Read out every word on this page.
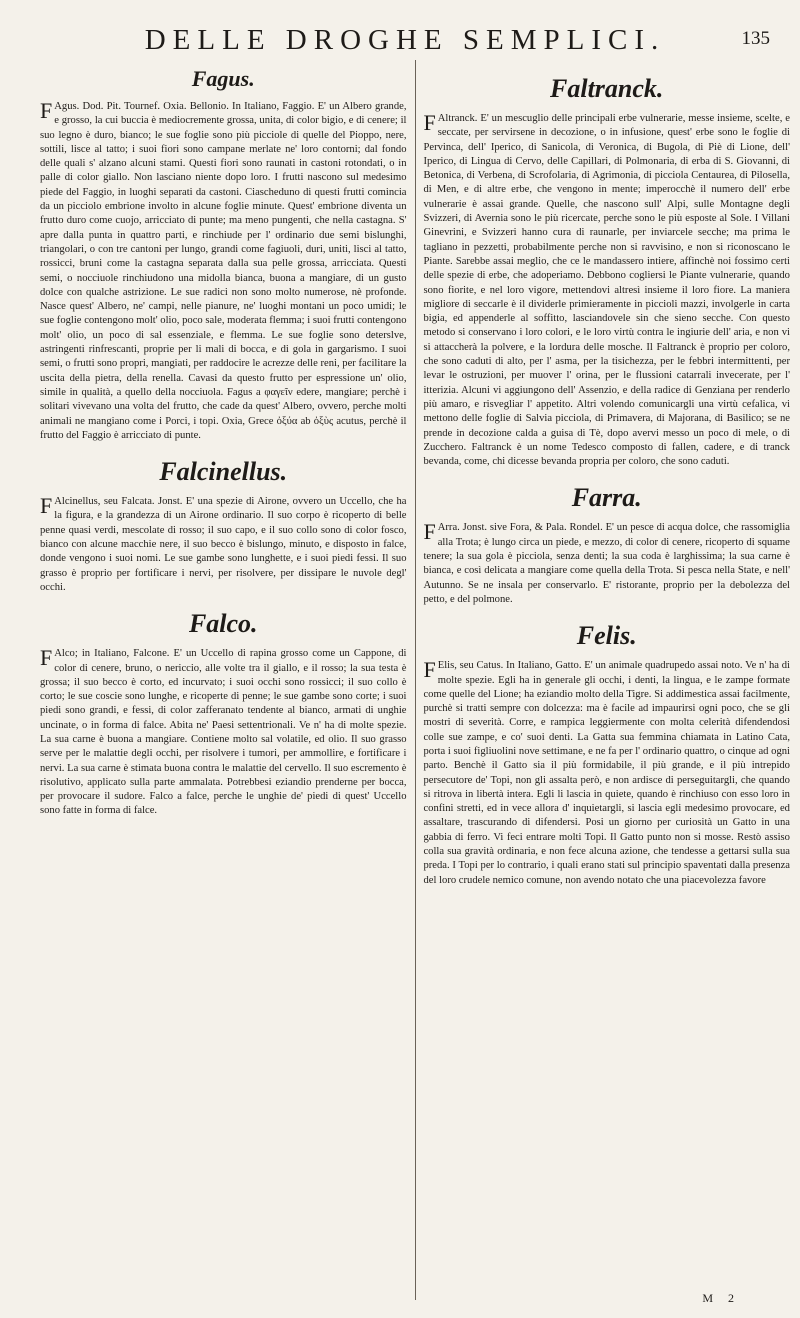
DELLE DROGHE SEMPLICI.	135
Fagus.

FAgus. Dod. Pit. Tournef. Oxia. Bellonio. In Italiano, Faggio. E' un Albero grande, e grosso, la cui buccia è mediocremente grossa, unita, di color bigio, e di cenere; il suo legno è duro, bianco; le sue foglie sono più picciole di quelle del Pioppo, nere, sottili, lisce al tatto; i suoi fiori sono campane merlate ne' loro contorni; dal fondo delle quali s' alzano alcuni stami. Questi fiori sono raunati in castoni rotondati, o in palle di color giallo. Non lasciano niente dopo loro. I frutti nascono sul medesimo piede del Faggio, in luoghi separati da castoni. Ciascheduno di questi frutti comincia da un picciolo embrione involto in alcune foglie minute. Quest' embrione diventa un frutto duro come cuojo, arricciato di punte; ma meno pungenti, che nella castagna. S' apre dalla punta in quattro parti, e rinchiude per l' ordinario due semi bislunghi, triangolari, o con tre cantoni per lungo, grandi come fagiuoli, duri, uniti, lisci al tatto, rossicci, bruni come la castagna separata dalla sua pelle grossa, arricciata. Questi semi, o nocciuole rinchiudono una midolla bianca, buona a mangiare, di un gusto dolce con qualche astrizione. Le sue radici non sono molto numerose, nè profonde. Nasce quest' Albero, ne' campi, nelle pianure, ne' luoghi montani un poco umidi; le sue foglie contengono molt' olio, poco sale, moderata flemma; i suoi frutti contengono molt' olio, un poco di sal essenziale, e flemma. Le sue foglie sono deterslve, astringenti rinfrescanti, proprie per li mali di bocca, e di gola in gargarismo. I suoi semi, o frutti sono propri, mangiati, per raddocire le acrezze delle reni, per facilitare la uscita della pietra, della renella. Cavasi da questo frutto per espressione un' olio, simile in qualità, a quello della nocciuola. Fagus a φαγεῖν edere, mangiare; perchè i solitari vivevano una volta del frutto, che cade da quest' Albero, ovvero, perche molti animali ne mangiano come i Porci, i topi. Oxia, Grece ὀξύα ab ὀξὺς acutus, perchè il frutto del Faggio è arricciato di punte.

Falcinellus.

FAlcinellus, seu Falcata. Jonst. E' una spezie di Airone, ovvero un Uccello, che ha la figura, e la grandezza di un Airone ordinario. Il suo corpo è ricoperto di belle penne quasi verdi, mescolate di rosso; il suo capo, e il suo collo sono di color fosco, bianco con alcune macchie nere, il suo becco è bislungo, minuto, e disposto in falce, donde vengono i suoi nomi. Le sue gambe sono lunghette, e i suoi piedi fessi. Il suo grasso è proprio per fortificare i nervi, per risolvere, per dissipare le nuvole degl' occhi.

Falco.

FAlco; in Italiano, Falcone. E' un Uccello di rapina grosso come un Cappone, di color di cenere, bruno, o nericcio, alle volte tra il giallo, e il rosso; la sua testa è grossa; il suo becco è corto, ed incurvato; i suoi occhi sono rossicci; il suo collo è corto; le sue coscie sono lunghe, e ricoperte di penne; le sue gambe sono corte; i suoi piedi sono grandi, e fessi, di color zafferanato tendente al bianco, armati di unghie uncinate, o in forma di falce. Abita ne' Paesi settentrionali. Ve n' ha di molte spezie. La sua carne è buona a mangiare. Contiene molto sal volatile, ed olio. Il suo grasso serve per le malattie degli occhi, per risolvere i tumori, per ammollire, e fortificare i nervi. La sua carne è stimata buona contra le malattie del cervello. Il suo escremento è risolutivo, applicato sulla parte ammalata. Potrebbesi eziandio prenderne per bocca, per provocare il sudore. Falco a falce, perche le unghie de' piedi di quest' Uccello sono fatte in forma di falce.

Faltranck.

FAltranck. E' un mescuglio delle principali erbe vulnerarie, messe insieme, scelte, e seccate, per servirsene in decozione, o in infusione, quest' erbe sono le foglie di Pervinca, dell' Iperico, di Sanicola, di Veronica, di Bugola, di Piè di Lione, dell' Iperico, di Lingua di Cervo, delle Capillari, di Polmonaria, di erba di S. Giovanni, di Betonica, di Verbena, di Scrofolaria, di Agrimonia, di picciola Centaurea, di Pilosella, di Men, e di altre erbe, che vengono in mente; imperocchè il numero dell' erbe vulnerarie è assai grande. Quelle, che nascono sull' Alpi, sulle Montagne degli Svizzeri, di Avernia sono le più ricercate, perche sono le più esposte al Sole. I Villani Ginevrini, e Svizzeri hanno cura di raunarle, per inviarcele secche; ma prima le tagliano in pezzetti, probabilmente perche non si ravvisino, e non si riconoscano le Piante. Sarebbe assai meglio, che ce le mandassero intiere, affinchè noi fossimo certi delle spezie di erbe, che adoperiamo. Debbono cogliersi le Piante vulnerarie, quando sono fiorite, e nel loro vigore, mettendovi altresì insieme il loro fiore. La maniera migliore di seccarle è il dividerle primieramente in piccioli mazzi, involgerle in carta bigia, ed appenderle al soffitto, lasciandovele sin che sieno secche. Con questo metodo si conservano i loro colori, e le loro virtù contra le ingiurie dell' aria, e non vi si attaccherà la polvere, e la lordura delle mosche. Il Faltranck è proprio per coloro, che sono caduti di alto, per l' asma, per la tisichezza, per le febbri intermittenti, per levar le ostruzioni, per muover l' orina, per le flussioni catarrali invecerate, per l' itterizia. Alcuni vi aggiungono dell' Assenzio, e della radice di Genziana per renderlo più amaro, e risvegliar l' appetito. Altri volendo comunicargli una virtù cefalica, vi mettono delle foglie di Salvia picciola, di Primavera, di Majorana, di Basilico; se ne prende in decozione calda a guisa di Tè, dopo avervi messo un poco di mele, o di Zucchero. Faltranck è un nome Tedesco composto di fallen, cadere, e di tranck bevanda, come, chi dicesse bevanda propria per coloro, che sono caduti.

Farra.

FArra. Jonst. sive Fora, & Pala. Rondel. E' un pesce di acqua dolce, che rassomiglia alla Trota; è lungo circa un piede, e mezzo, di color di cenere, ricoperto di squame tenere; la sua gola è picciola, senza denti; la sua coda è larghissima; la sua carne è bianca, e così delicata a mangiare come quella della Trota. Si pesca nella State, e nell' Autunno. Se ne insala per conservarlo. E' ristorante, proprio per la debolezza del petto, e del polmone.

Felis.

FElis, seu Catus. In Italiano, Gatto. E' un animale quadrupedo assai noto. Ve n' ha di molte spezie. Egli ha in generale gli occhi, i denti, la lingua, e le zampe formate come quelle del Lione; ha eziandio molto della Tigre. Si addimestica assai facilmente, purchè si tratti sempre con dolcezza: ma è facile ad impaurirsi ogni poco, che se gli mostri di severità. Corre, e rampica leggiermente con molta celerità difendendosi colle sue zampe, e co' suoi denti. La Gatta sua femmina chiamata in Latino Cata, porta i suoi figliuolini nove settimane, e ne fa per l' ordinario quattro, o cinque ad ogni parto. Benchè il Gatto sia il più formidabile, il più grande, e il più intrepido persecutore de' Topi, non gli assalta però, e non ardisce di perseguitargli, che quando si ritrova in libertà intera. Egli li lascia in quiete, quando è rinchiuso con esso loro in confini stretti, ed in vece allora d' inquietargli, si lascia egli medesimo provocare, ed assaltare, trascurando di difendersi. Posi un giorno per curiosità un Gatto in una gabbia di ferro. Vi feci entrare molti Topi. Il Gatto punto non si mosse. Restò assiso colla sua gravità ordinaria, e non fece alcuna azione, che tendesse a gettarsi sulla sua preda. I Topi per lo contrario, i quali erano stati sul principio spaventati dalla presenza del loro crudele nemico comune, non avendo notato che una piacevolezza favore

M 2
